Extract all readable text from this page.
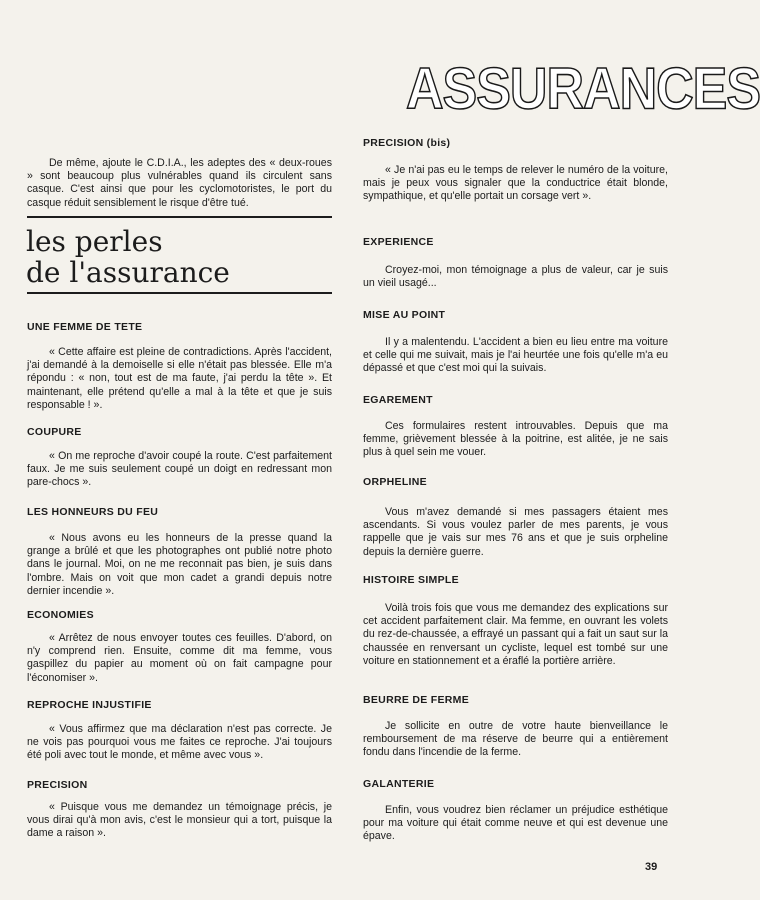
ASSURANCES

De même, ajoute le C.D.I.A., les adeptes des « deux-roues » sont beaucoup plus vulnérables quand ils circulent sans casque. C'est ainsi que pour les cyclomotoristes, le port du casque réduit sensiblement le risque d'être tué.

les perles
de l'assurance
UNE FEMME DE TETE

« Cette affaire est pleine de contradictions. Après l'accident, j'ai demandé à la demoiselle si elle n'était pas blessée. Elle m'a répondu : « non, tout est de ma faute, j'ai perdu la tête ». Et maintenant, elle prétend qu'elle a mal à la tête et que je suis responsable ! ».

COUPURE

« On me reproche d'avoir coupé la route. C'est parfaitement faux. Je me suis seulement coupé un doigt en redressant mon pare-chocs ».

LES HONNEURS DU FEU

« Nous avons eu les honneurs de la presse quand la grange a brûlé et que les photographes ont publié notre photo dans le journal. Moi, on ne me reconnait pas bien, je suis dans l'ombre. Mais on voit que mon cadet a grandi depuis notre dernier incendie ».

ECONOMIES

« Arrêtez de nous envoyer toutes ces feuilles. D'abord, on n'y comprend rien. Ensuite, comme dit ma femme, vous gaspillez du papier au moment où on fait campagne pour l'économiser ».

REPROCHE INJUSTIFIE

« Vous affirmez que ma déclaration n'est pas correcte. Je ne vois pas pourquoi vous me faites ce reproche. J'ai toujours été poli avec tout le monde, et même avec vous ».

PRECISION

« Puisque vous me demandez un témoignage précis, je vous dirai qu'à mon avis, c'est le monsieur qui a tort, puisque la dame a raison ».

PRECISION (bis)

« Je n'ai pas eu le temps de relever le numéro de la voiture, mais je peux vous signaler que la conductrice était blonde, sympathique, et qu'elle portait un corsage vert ».

EXPERIENCE

Croyez-moi, mon témoignage a plus de valeur, car je suis un vieil usagé...

MISE AU POINT

Il y a malentendu. L'accident a bien eu lieu entre ma voiture et celle qui me suivait, mais je l'ai heurtée une fois qu'elle m'a eu dépassé et que c'est moi qui la suivais.

EGAREMENT

Ces formulaires restent introuvables. Depuis que ma femme, grièvement blessée à la poitrine, est alitée, je ne sais plus à quel sein me vouer.

ORPHELINE

Vous m'avez demandé si mes passagers étaient mes ascendants. Si vous voulez parler de mes parents, je vous rappelle que je vais sur mes 76 ans et que je suis orpheline depuis la dernière guerre.

HISTOIRE SIMPLE

Voilà trois fois que vous me demandez des explications sur cet accident parfaitement clair. Ma femme, en ouvrant les volets du rez-de-chaussée, a effrayé un passant qui a fait un saut sur la chaussée en renversant un cycliste, lequel est tombé sur une voiture en stationnement et a éraflé la portière arrière.

BEURRE DE FERME

Je sollicite en outre de votre haute bienveillance le remboursement de ma réserve de beurre qui a entièrement fondu dans l'incendie de la ferme.

GALANTERIE

Enfin, vous voudrez bien réclamer un préjudice esthétique pour ma voiture qui était comme neuve et qui est devenue une épave.

39
